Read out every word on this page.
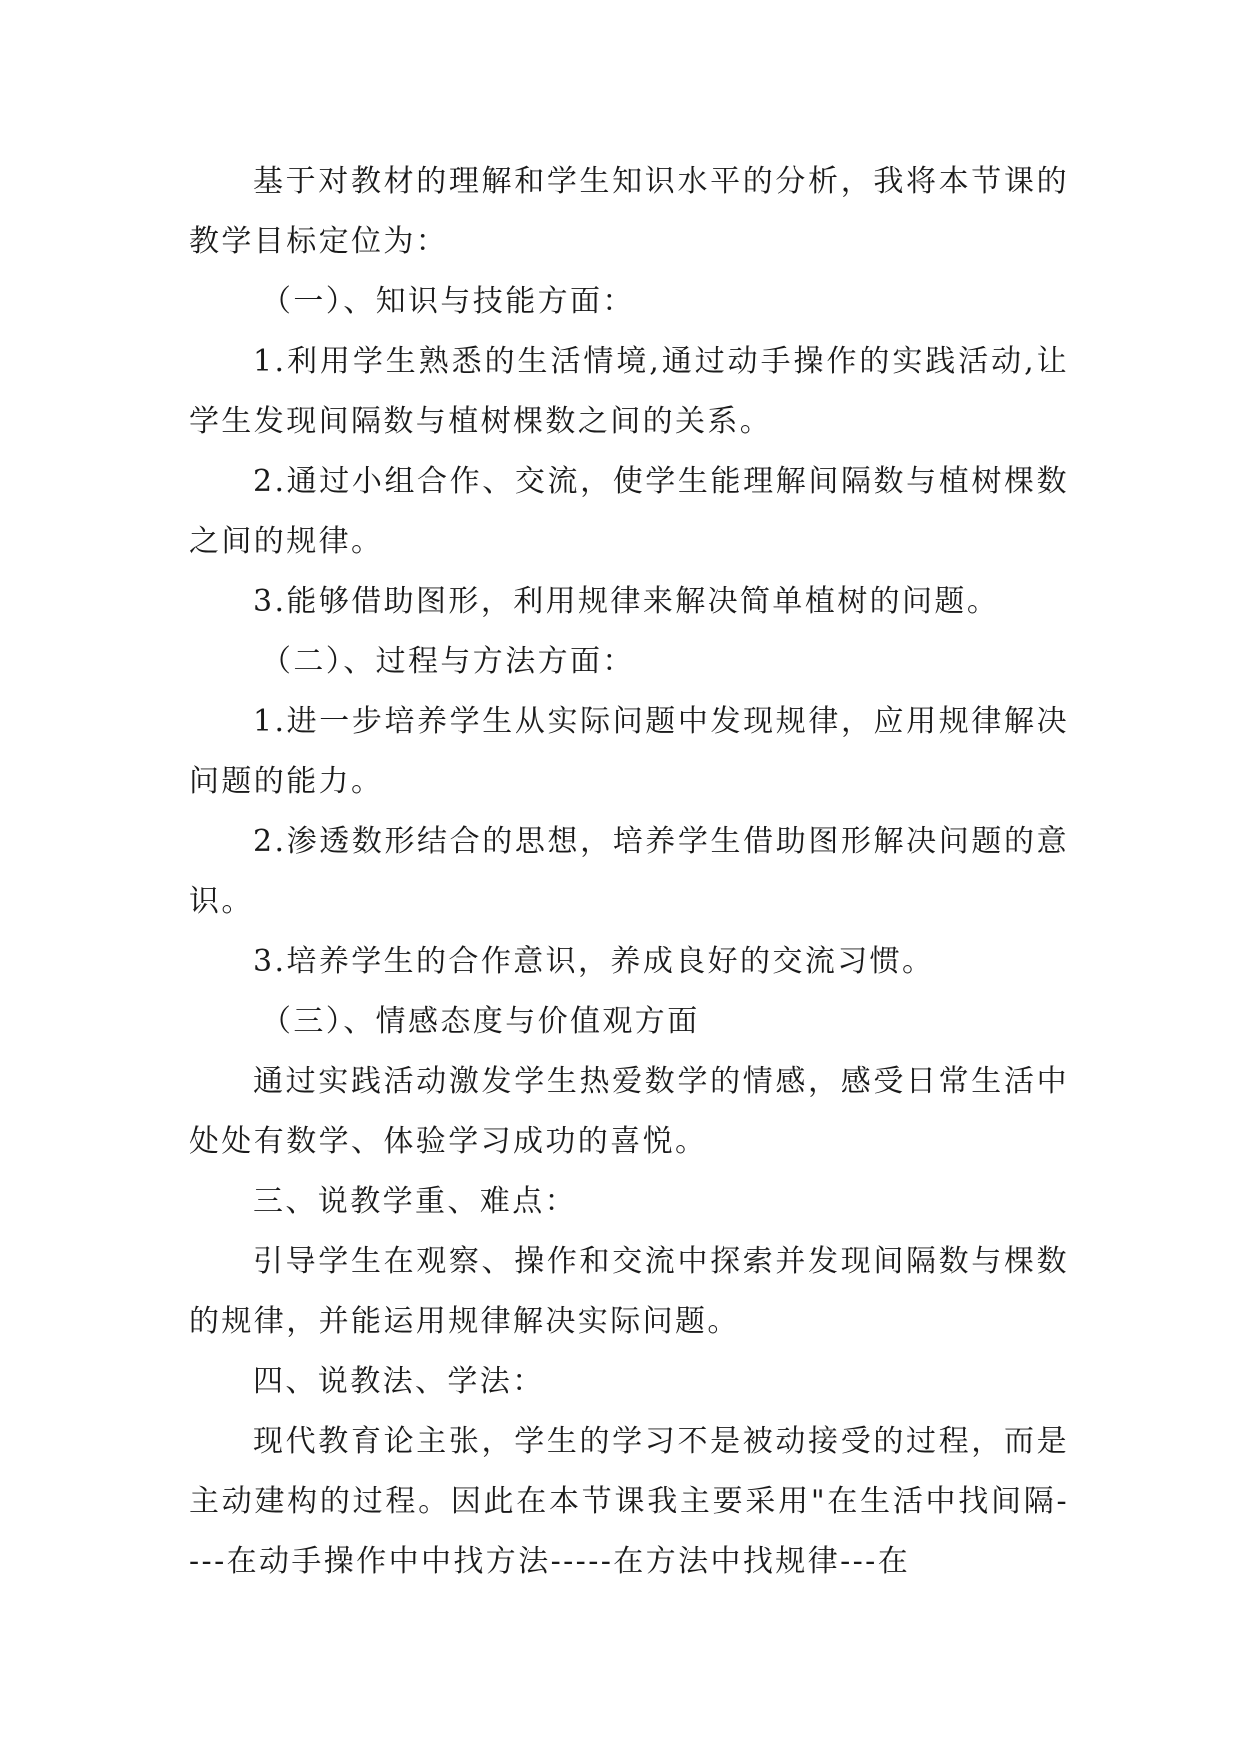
基于对教材的理解和学生知识水平的分析，我将本节课的教学目标定位为：

（一）、知识与技能方面：

1.利用学生熟悉的生活情境,通过动手操作的实践活动,让学生发现间隔数与植树棵数之间的关系。

2.通过小组合作、交流，使学生能理解间隔数与植树棵数之间的规律。

3.能够借助图形，利用规律来解决简单植树的问题。

（二）、过程与方法方面：

1.进一步培养学生从实际问题中发现规律，应用规律解决问题的能力。

2.渗透数形结合的思想，培养学生借助图形解决问题的意识。

3.培养学生的合作意识，养成良好的交流习惯。

（三）、情感态度与价值观方面

通过实践活动激发学生热爱数学的情感，感受日常生活中处处有数学、体验学习成功的喜悦。

三、说教学重、难点：

引导学生在观察、操作和交流中探索并发现间隔数与棵数的规律，并能运用规律解决实际问题。

四、说教法、学法：

现代教育论主张，学生的学习不是被动接受的过程，而是主动建构的过程。因此在本节课我主要采用"在生活中找间隔----在动手操作中中找方法-----在方法中找规律---在
